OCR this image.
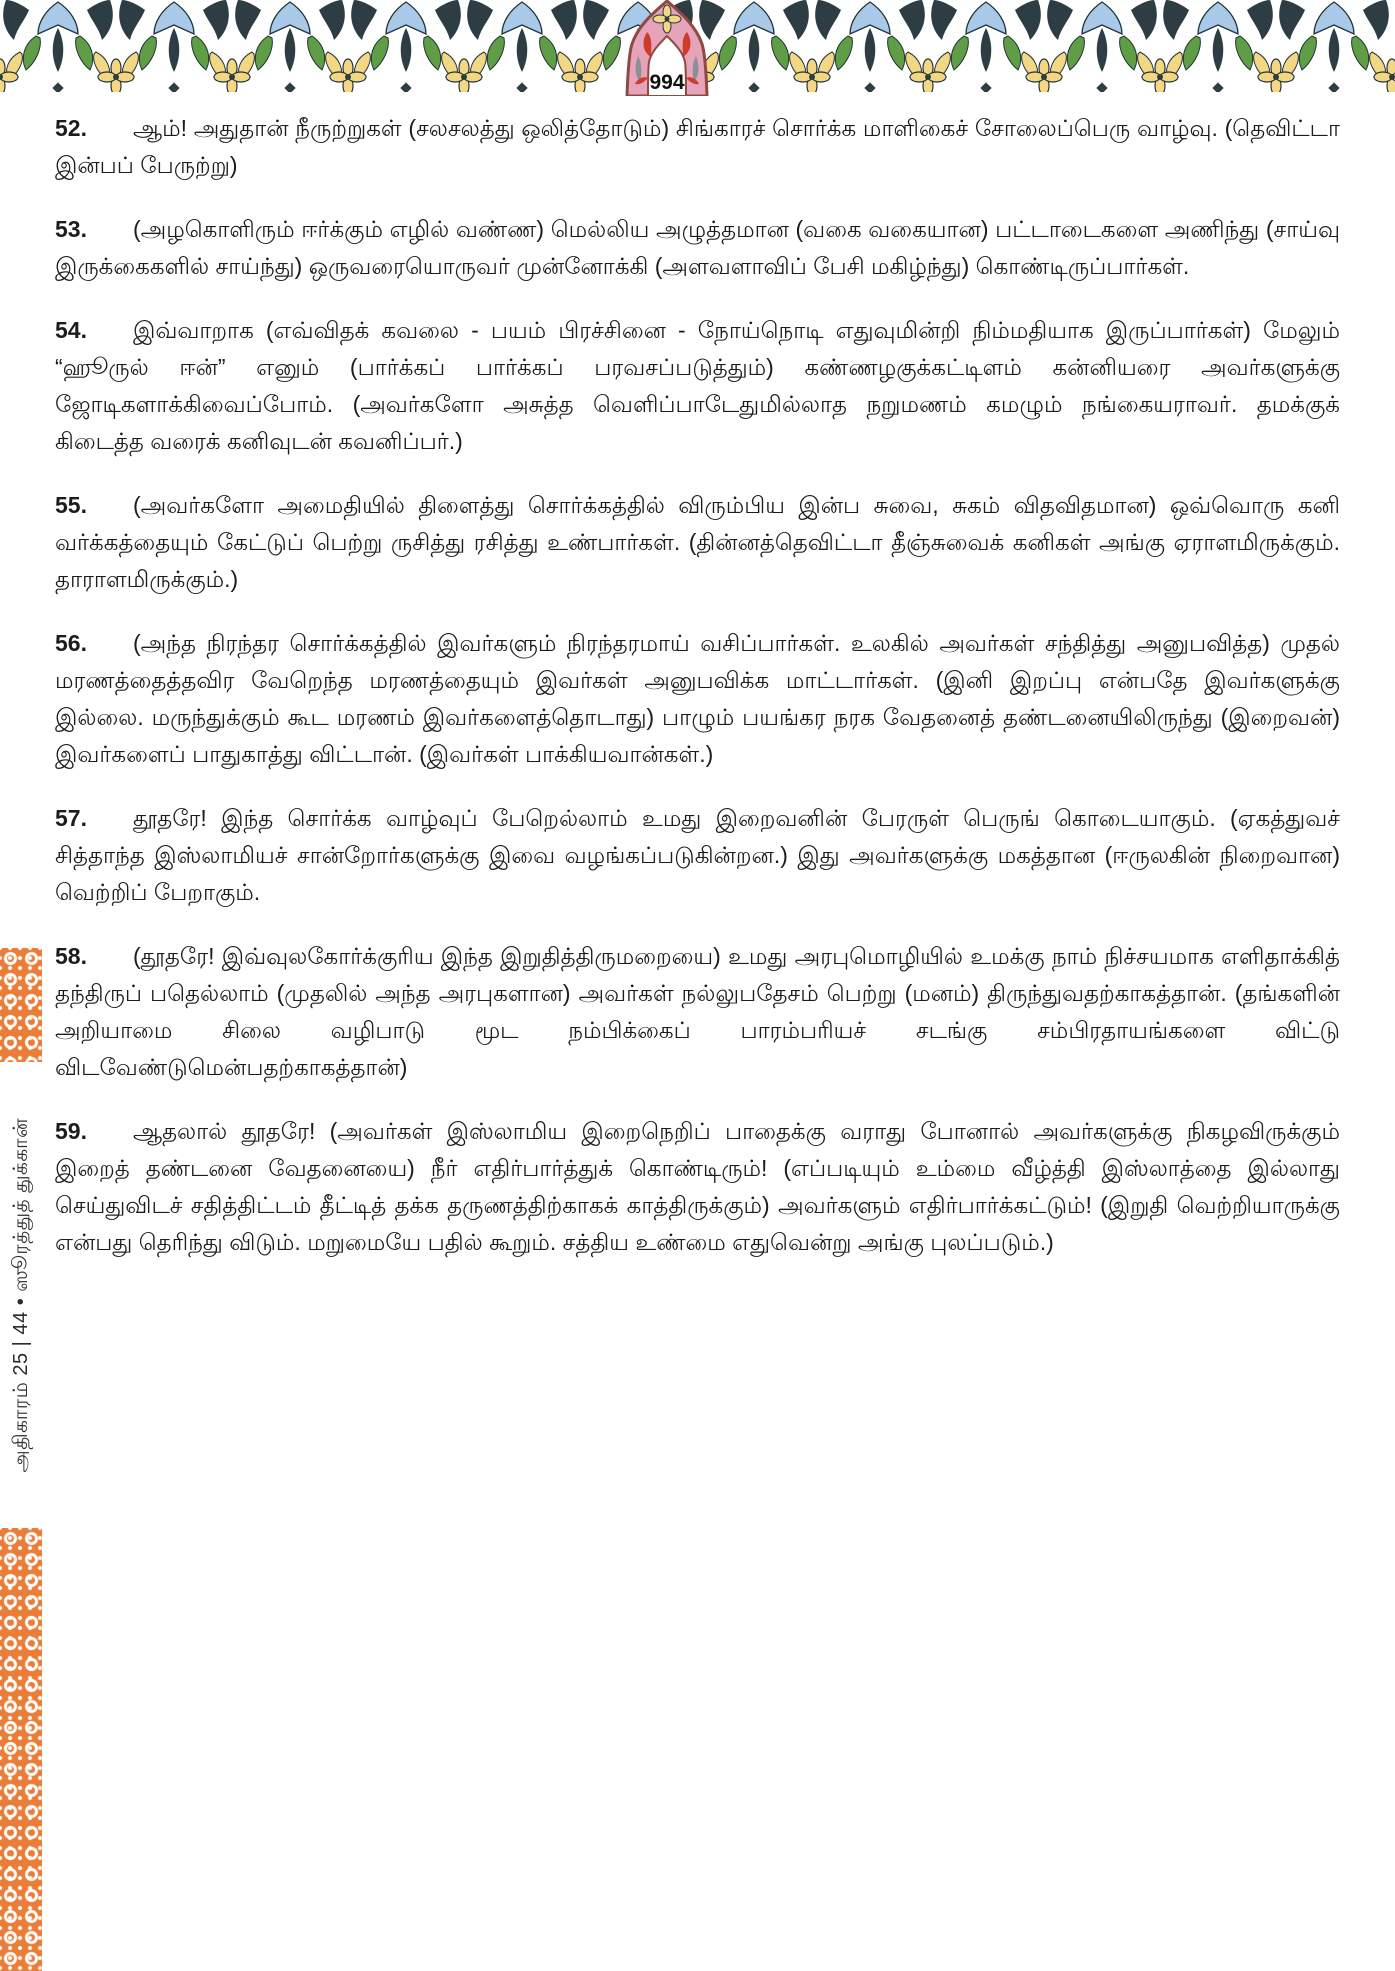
994

52. ஆம்! அதுதான் நீருற்றுகள் (சலசலத்து ஒலித்தோடும்) சிங்காரச் சொர்க்க மாளிகைச் சோலைப்பெரு வாழ்வு. (தெவிட்டா இன்பப் பேருற்று)

53. (அழகொளிரும் ஈர்க்கும் எழில் வண்ண) மெல்லிய அழுத்தமான (வகை வகையான) பட்டாடைகளை அணிந்து (சாய்வு இருக்கைகளில் சாய்ந்து) ஒருவரையொருவர் முன்னோக்கி (அளவளாவிப் பேசி மகிழ்ந்து) கொண்டிருப்பார்கள்.

54. இவ்வாறாக (எவ்விதக் கவலை - பயம் பிரச்சினை - நோய்நொடி எதுவுமின்றி நிம்மதியாக இருப்பார்கள்) மேலும் “ஹூருல் ஈன்” எனும் (பார்க்கப் பார்க்கப் பரவசப்படுத்தும்) கண்ணழகுக்கட்டிளம் கன்னியரை அவர்களுக்கு ஜோடிகளாக்கிவைப்போம். (அவர்களோ அசுத்த வெளிப்பாடேதுமில்லாத நறுமணம் கமழும் நங்கையராவர். தமக்குக் கிடைத்த வரைக் கனிவுடன் கவனிப்பர்.)

55. (அவர்களோ அமைதியில் திளைத்து சொர்க்கத்தில் விரும்பிய இன்ப சுவை, சுகம் விதவிதமான) ஒவ்வொரு கனி வர்க்கத்தையும் கேட்டுப் பெற்று ருசித்து ரசித்து உண்பார்கள். (தின்னத்தெவிட்டா தீஞ்சுவைக் கனிகள் அங்கு ஏராளமிருக்கும். தாராளமிருக்கும்.)

56. (அந்த நிரந்தர சொர்க்கத்தில் இவர்களும் நிரந்தரமாய் வசிப்பார்கள். உலகில் அவர்கள் சந்தித்து அனுபவித்த) முதல் மரணத்தைத்தவிர வேறெந்த மரணத்தையும் இவர்கள் அனுபவிக்க மாட்டார்கள். (இனி இறப்பு என்பதே இவர்களுக்கு இல்லை. மருந்துக்கும் கூட மரணம் இவர்களைத்தொடாது) பாழும் பயங்கர நரக வேதனைத் தண்டனையிலிருந்து (இறைவன்) இவர்களைப் பாதுகாத்து விட்டான். (இவர்கள் பாக்கியவான்கள்.)

57. தூதரே! இந்த சொர்க்க வாழ்வுப் பேறெல்லாம் உமது இறைவனின் பேரருள் பெருங் கொடையாகும். (ஏகத்துவச் சித்தாந்த இஸ்லாமியச் சான்றோர்களுக்கு இவை வழங்கப்படுகின்றன.) இது அவர்களுக்கு மகத்தான (ஈருலகின் நிறைவான) வெற்றிப் பேறாகும்.

58. (தூதரே! இவ்வுலகோர்க்குரிய இந்த இறுதித்திருமறையை) உமது அரபுமொழியில் உமக்கு நாம் நிச்சயமாக எளிதாக்கித் தந்திருப் பதெல்லாம் (முதலில் அந்த அரபுகளான) அவர்கள் நல்லுபதேசம் பெற்று (மனம்) திருந்துவதற்காகத்தான். (தங்களின் அறியாமை சிலை வழிபாடு மூட நம்பிக்கைப் பாரம்பரியச் சடங்கு சம்பிரதாயங்களை விட்டு விடவேண்டுமென்பதற்காகத்தான்)

59. ஆதலால் தூதரே! (அவர்கள் இஸ்லாமிய இறைநெறிப் பாதைக்கு வராது போனால் அவர்களுக்கு நிகழவிருக்கும் இறைத் தண்டனை வேதனையை) நீர் எதிர்பார்த்துக் கொண்டிரும்! (எப்படியும் உம்மை வீழ்த்தி இஸ்லாத்தை இல்லாது செய்துவிடச் சதித்திட்டம் தீட்டித் தக்க தருணத்திற்காகக் காத்திருக்கும்) அவர்களும் எதிர்பார்க்கட்டும்! (இறுதி வெற்றியாருக்கு என்பது தெரிந்து விடும். மறுமையே பதில் கூறும். சத்திய உண்மை எதுவென்று அங்கு புலப்படும்.)

அதிகாரம் 25 | 44 • ஸூரத்துத் துக்கான்
